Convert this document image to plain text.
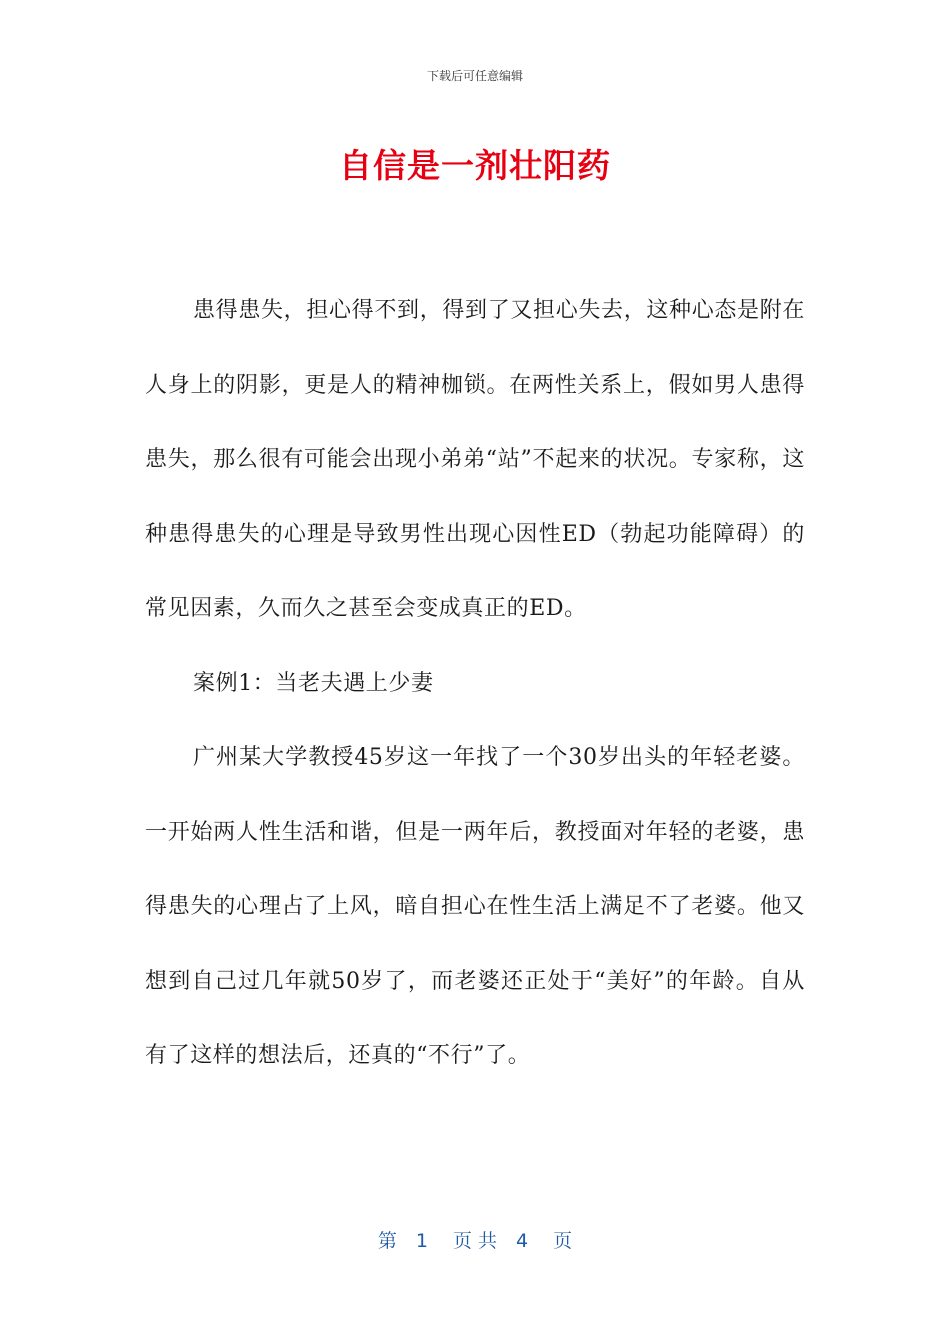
下载后可任意编辑
自信是一剂壮阳药

患得患失，担心得不到，得到了又担心失去，这种心态是附在人身上的阴影，更是人的精神枷锁。在两性关系上，假如男人患得患失，那么很有可能会出现小弟弟“站”不起来的状况。专家称，这种患得患失的心理是导致男性出现心因性ED（勃起功能障碍）的常见因素，久而久之甚至会变成真正的ED。

案例1：当老夫遇上少妻

广州某大学教授45岁这一年找了一个30岁出头的年轻老婆。一开始两人性生活和谐，但是一两年后，教授面对年轻的老婆，患得患失的心理占了上风，暗自担心在性生活上满足不了老婆。他又想到自己过几年就50岁了，而老婆还正处于“美好”的年龄。自从有了这样的想法后，还真的“不行”了。

第　1　 页 共　4　 页
